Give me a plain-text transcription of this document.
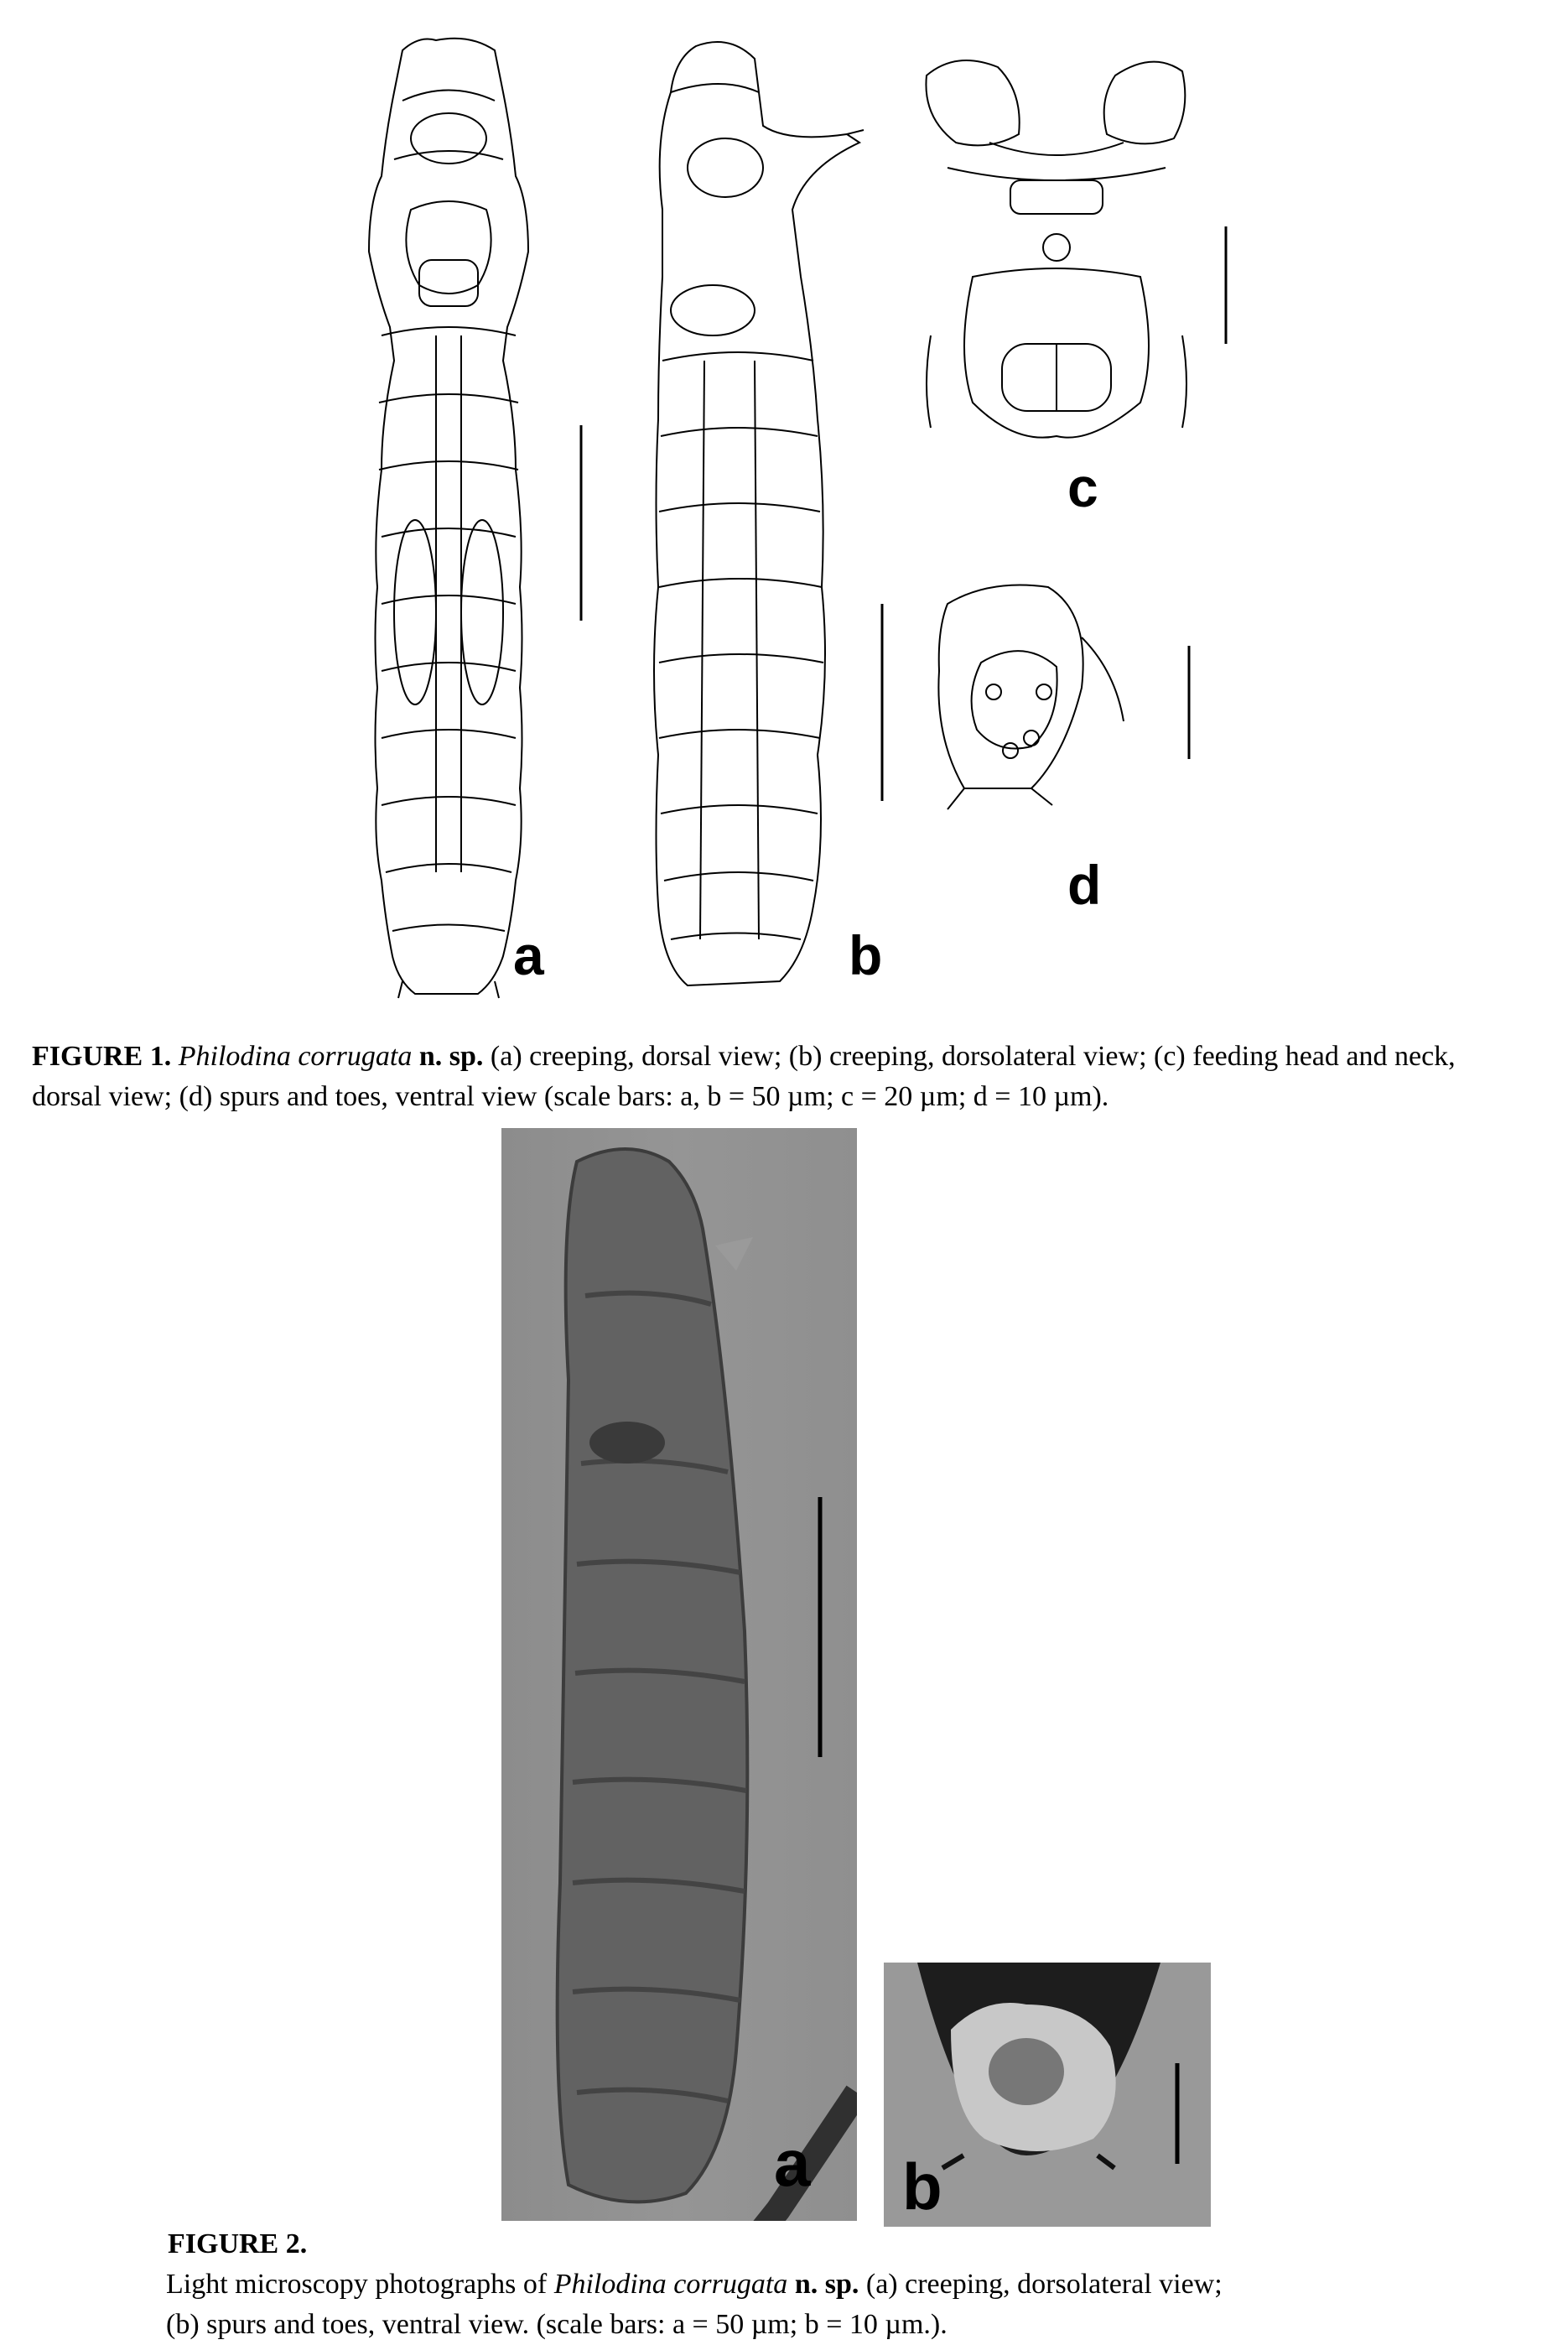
a	b
c
d
FIGURE 1. Philodina corrugata n. sp. (a) creeping, dorsal view; (b) creeping, dorsolateral view; (c) feeding head and neck,
dorsal view; (d) spurs and toes, ventral view (scale bars: a, b = 50 µm; c = 20 µm; d = 10 µm).
a b
FIGURE 2.
Light microscopy photographs of Philodina corrugata n. sp. (a) creeping, dorsolateral view;
(b) spurs and toes, ventral view. (scale bars: a = 50 µm; b = 10 µm.).
